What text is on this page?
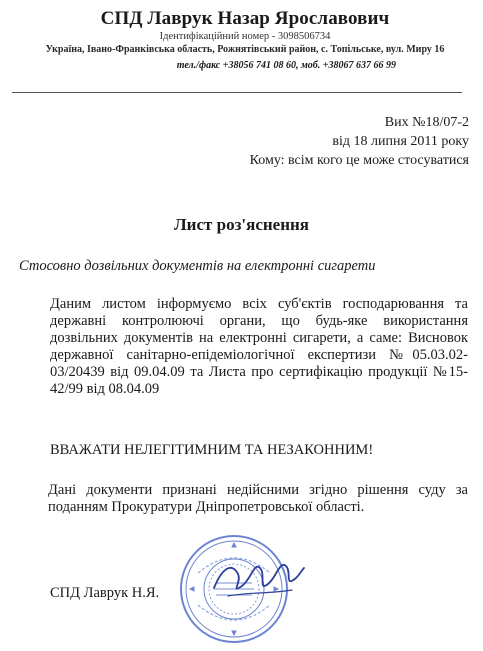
СПД Лаврук Назар Ярославович
Ідентифікаційний номер - 3098506734
Україна, Івано-Франківська область, Рожнятівський район, с. Топільське, вул. Миру 16
тел./факс +38056 741 08 60, моб. +38067 637 66 99
Вих №18/07-2
від 18 липня 2011 року
Кому: всім кого це може стосуватися
Лист роз'яснення
Стосовно дозвільних документів на електронні сигарети
Даним листом інформуємо всіх суб'єктів господарювання та державні контролюючі органи, що будь-яке використання дозвільних документів на електронні сигарети, а саме: Висновок державної санітарно-епідеміологічної експертизи №05.03.02-03/20439 від 09.04.09 та Листа про сертифікацію продукції №15-42/99 від 08.04.09
ВВАЖАТИ НЕЛЕГІТИМНИМ ТА НЕЗАКОННИМ!
Дані документи признані недійсними згідно рішення суду за поданням Прокуратури Дніпропетровської області.
СПД Лаврук Н.Я.
